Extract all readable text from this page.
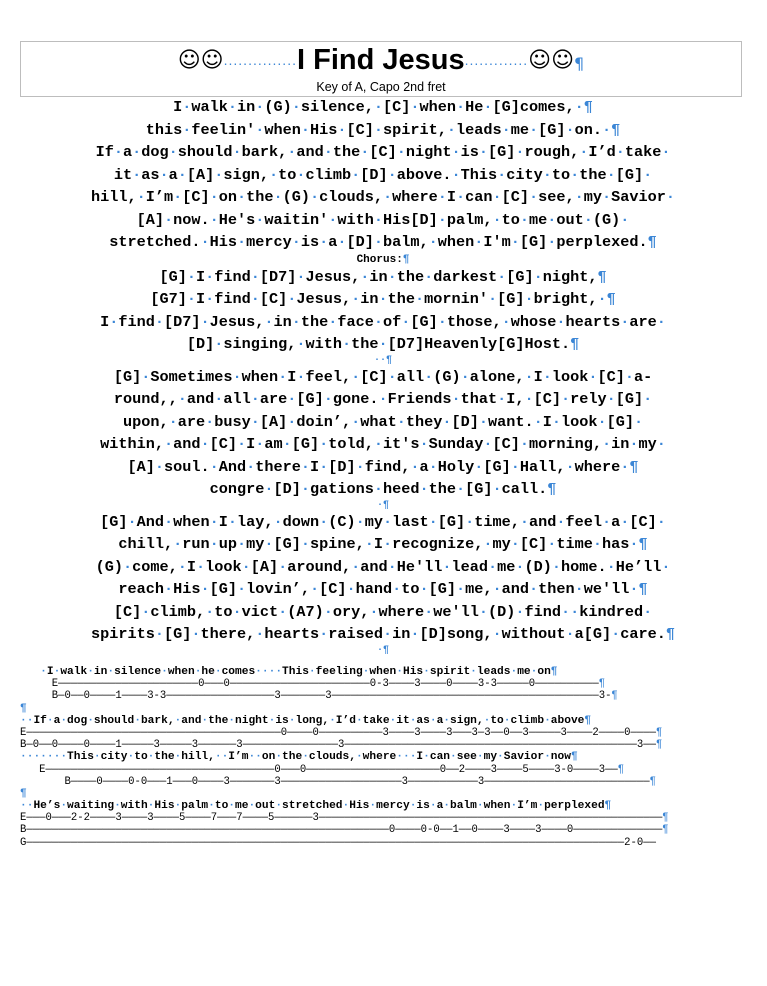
☺☺...............I Find Jesus.............☺☺¶
Key of A, Capo 2nd fret
I·walk·in·(G)·silence,·[C]·when·He·[G]comes,·¶
this·feelin'·when·His·[C]·spirit,·leads·me·[G]·on.·¶
If·a·dog·should·bark,·and·the·[C]·night·is·[G]·rough,·I’d·take·
it·as·a·[A]·sign,·to·climb·[D]·above.·This·city·to·the·[G]·
hill,·I’m·[C]·on·the·(G)·clouds,·where·I·can·[C]·see,·my·Savior·
[A]·now.·He's·waitin'·with·His[D]·palm,·to·me·out·(G)·
stretched.·His·mercy·is·a·[D]·balm,·when·I'm·[G]·perplexed.¶
Chorus:¶
[G]·I·find·[D7]·Jesus,·in·the·darkest·[G]·night,¶
[G7]·I·find·[C]·Jesus,·in·the·mornin'·[G]·bright,·¶
I·find·[D7]·Jesus,·in·the·face·of·[G]·those,·whose·hearts·are·
[D]·singing,·with·the·[D7]Heavenly[G]Host.¶
··¶
[G]·Sometimes·when·I·feel,·[C]·all·(G)·alone,·I·look·[C]·a-
round,,·and·all·are·[G]·gone.·Friends·that·I,·[C]·rely·[G]·
upon,·are·busy·[A]·doin’,·what·they·[D]·want.·I·look·[G]·
within,·and·[C]·I·am·[G]·told,·it's·Sunday·[C]·morning,·in·my·
[A]·soul.·And·there·I·[D]·find,·a·Holy·[G]·Hall,·where·¶
congre·[D]·gations·heed·the·[G]·call.¶
·¶
[G]·And·when·I·lay,·down·(C)·my·last·[G]·time,·and·feel·a·[C]·
chill,·run·up·my·[G]·spine,·I·recognize,·my·[C]·time·has·¶
(G)·come,·I·look·[A]·around,·and·He'll·lead·me·(D)·home.·He’ll·
reach·His·[G]·lovin’,·[C]·hand·to·[G]·me,·and·then·we'll·¶
[C]·climb,·to·vict·(A7)·ory,·where·we'll·(D)·find··kindred·
spirits·[G]·there,·hearts·raised·in·[D]song,·without·a[G]·care.¶
·¶
·I·walk·in·silence·when·he·comes····This·feeling·when·His·spirit·leads·me·on¶
E——————————————————————0———0——————————————————————0-3————3————0————3-3—————0——————————¶
B—0——0————1————3-3—————————————————3———————3——————————————————————————————————————————3-¶
¶
··If·a·dog·should·bark,·and·the·night·is·long,·I’d·take·it·as·a·sign,·to·climb·above¶
E————————————————————————————————————————0————0——————————3————3————3———3—3——0——3—————3————2————0————¶
B—0——0————0————1—————3—————3——————3———————————————3——————————————————————————————————————————————3——¶
·······This·city·to·the·hill,··I’m··on·the·clouds,·where···I·can·see·my·Savior·now¶
E————————————————————————————————————0———0—————————————————————0——2————3————5————3-0————3——¶
B————0————0-0———1———0————3———————3———————————————————3———————————3——————————————————————————¶
¶
··He’s·waiting·with·His·palm·to·me·out·stretched·His·mercy·is·a·balm·when·I’m·perplexed¶
E———0———2-2————3————3————5————7———7————5——————3——————————————————————————————————————————————————————¶
B—————————————————————————————————————————————————————————0————0-0——1——0————3————3————0——————————————¶
G——————————————————————————————————————————————————————————————————————————————————————————————2-0——
